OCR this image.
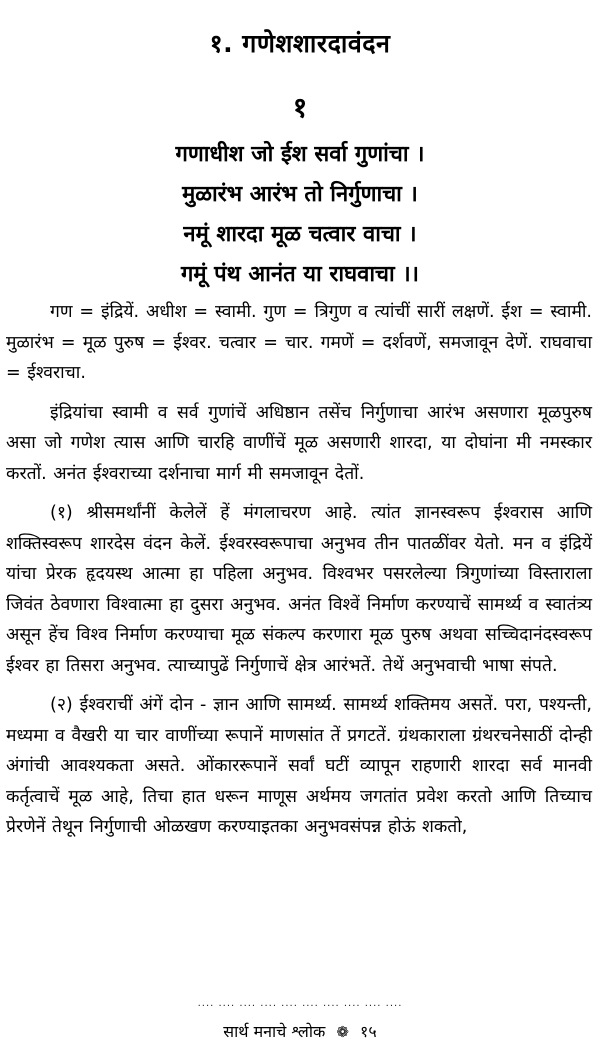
१. गणेशशारदावंदन
१
गणाधीश जो ईश सर्वा गुणांचा ।
मुळारंभ आरंभ तो निर्गुणाचा ।
नमूं शारदा मूळ चत्वार वाचा ।
गमूं पंथ आनंत या राघवाचा ।।

गण = इंद्रियें. अधीश = स्वामी. गुण = त्रिगुण व त्यांचीं सारीं लक्षणें. ईश = स्वामी. मुळारंभ = मूळ पुरुष = ईश्वर. चत्वार = चार. गमणें = दर्शवणें, समजावून देणें. राघवाचा = ईश्वराचा.

इंद्रियांचा स्वामी व सर्व गुणांचें अधिष्ठान तसेंच निर्गुणाचा आरंभ असणारा मूळपुरुष असा जो गणेश त्यास आणि चारहि वाणींचें मूळ असणारी शारदा, या दोघांना मी नमस्कार करतों. अनंत ईश्वराच्या दर्शनाचा मार्ग मी समजावून देतों.

(१) श्रीसमर्थांनीं केलेलें हें मंगलाचरण आहे. त्यांत ज्ञानस्वरूप ईश्वरास आणि शक्तिस्वरूप शारदेस वंदन केलें. ईश्वरस्वरूपाचा अनुभव तीन पातळींवर येतो. मन व इंद्रियें यांचा प्रेरक हृदयस्थ आत्मा हा पहिला अनुभव. विश्वभर पसरलेल्या त्रिगुणांच्या विस्ताराला जिवंत ठेवणारा विश्वात्मा हा दुसरा अनुभव. अनंत विश्वें निर्माण करण्याचें सामर्थ्य व स्वातंत्र्य असून हेंच विश्व निर्माण करण्याचा मूळ संकल्प करणारा मूळ पुरुष अथवा सच्चिदानंदस्वरूप ईश्वर हा तिसरा अनुभव. त्याच्यापुढें निर्गुणाचें क्षेत्र आरंभतें. तेथें अनुभवाची भाषा संपते.

(२) ईश्वराचीं अंगें दोन - ज्ञान आणि सामर्थ्य. सामर्थ्य शक्तिमय असतें. परा, पश्यन्ती, मध्यमा व वैखरी या चार वाणींच्या रूपानें माणसांत तें प्रगटतें. ग्रंथकाराला ग्रंथरचनेसाठीं दोन्ही अंगांची आवश्यकता असते. ओंकाररूपानें सर्वां घटीं व्यापून राहणारी शारदा सर्व मानवी कर्तृत्वाचें मूळ आहे, तिचा हात धरून माणूस अर्थमय जगतांत प्रवेश करतो आणि तिच्याच प्रेरणेनें तेथून निर्गुणाची ओळखण करण्याइतका अनुभवसंपन्न होऊं शकतो,

.... .... .... .... .... .... .... .... .... ....
सार्थ मनाचे श्लोक ❁ १५
